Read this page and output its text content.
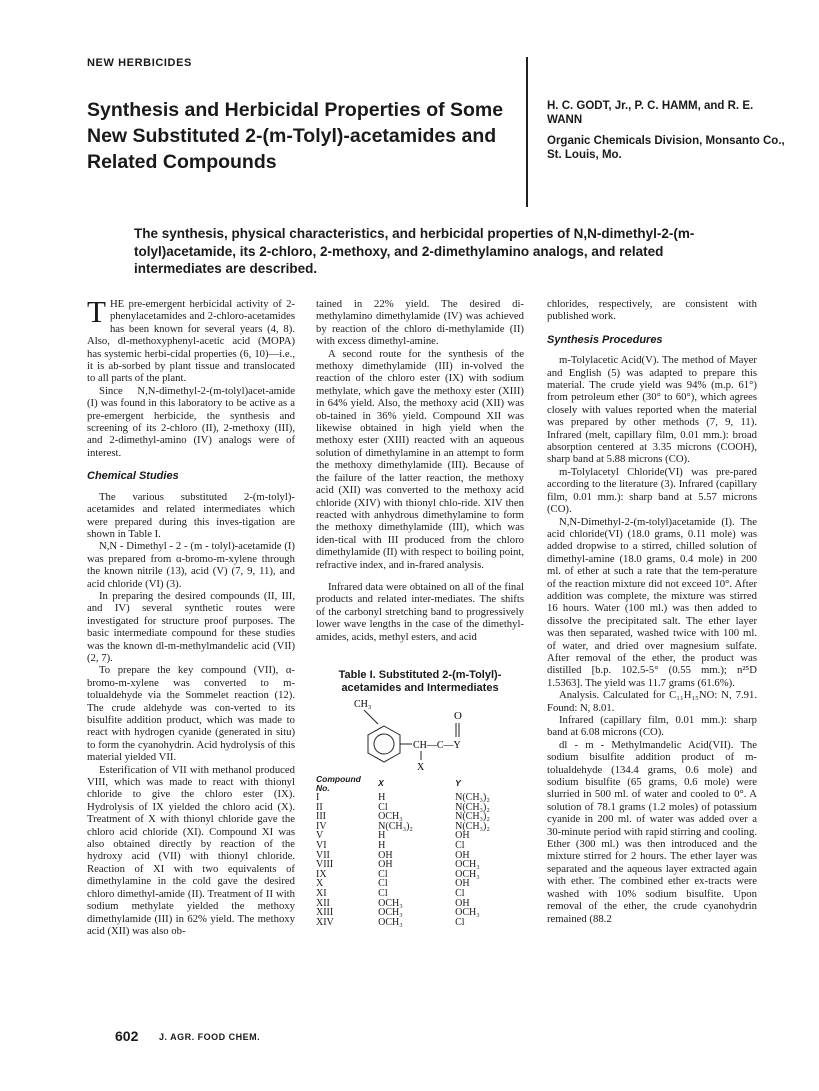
NEW HERBICIDES
Synthesis and Herbicidal Properties of Some New Substituted 2-(m-Tolyl)-acetamides and Related Compounds
H. C. GODT, Jr., P. C. HAMM, and R. E. WANN
Organic Chemicals Division, Monsanto Co., St. Louis, Mo.
The synthesis, physical characteristics, and herbicidal properties of N,N-dimethyl-2-(m-tolyl)acetamide, its 2-chloro, 2-methoxy, and 2-dimethylamino analogs, and related intermediates are described.

THE pre-emergent herbicidal activity of 2-phenylacetamides and 2-chloro-acetamides has been known for several years (4, 8). Also, dl-methoxyphenyl-acetic acid (MOPA) has systemic herbi-cidal properties (6, 10)—i.e., it is ab-sorbed by plant tissue and translocated to all parts of the plant.

Since N,N-dimethyl-2-(m-tolyl)acet-amide (I) was found in this laboratory to be active as a pre-emergent herbicide, the synthesis and screening of its 2-chloro (II), 2-methoxy (III), and 2-dimethyl-amino (IV) analogs were of interest.

Chemical Studies

The various substituted 2-(m-tolyl)-acetamides and related intermediates which were prepared during this inves-tigation are shown in Table I.

N,N - Dimethyl - 2 - (m - tolyl)-acetamide (I) was prepared from α-bromo-m-xylene through the known nitrile (13), acid (V) (7, 9, 11), and acid chloride (VI) (3).

In preparing the desired compounds (II, III, and IV) several synthetic routes were investigated for structure proof purposes. The basic intermediate compound for these studies was the known dl-m-methylmandelic acid (VII) (2, 7).

To prepare the key compound (VII), α-bromo-m-xylene was converted to m-tolualdehyde via the Sommelet reaction (12). The crude aldehyde was con-verted to its bisulfite addition product, which was made to react with hydrogen cyanide (generated in situ) to form the cyanohydrin. Acid hydrolysis of this material yielded VII.

Esterification of VII with methanol produced VIII, which was made to react with thionyl chloride to give the chloro ester (IX). Hydrolysis of IX yielded the chloro acid (X). Treatment of X with thionyl chloride gave the chloro acid chloride (XI). Compound XI was also obtained directly by reaction of the hydroxy acid (VII) with thionyl chloride. Reaction of XI with two equivalents of dimethylamine in the cold gave the desired chloro dimethyl-amide (II). Treatment of II with sodium methylate yielded the methoxy dimethylamide (III) in 62% yield. The methoxy acid (XII) was also ob-

tained in 22% yield. The desired di-methylamino dimethylamide (IV) was achieved by reaction of the chloro di-methylamide (II) with excess dimethyl-amine.

A second route for the synthesis of the methoxy dimethylamide (III) in-volved the reaction of the chloro ester (IX) with sodium methylate, which gave the methoxy ester (XIII) in 64% yield. Also, the methoxy acid (XII) was ob-tained in 36% yield. Compound XII was likewise obtained in high yield when the methoxy ester (XIII) reacted with an aqueous solution of dimethylamine in an attempt to form the methoxy dimethylamide (III). Because of the failure of the latter reaction, the methoxy acid (XII) was converted to the methoxy acid chloride (XIV) with thionyl chlo-ride. XIV then reacted with anhydrous dimethylamine to form the methoxy dimethylamide (III), which was iden-tical with III produced from the chloro dimethylamide (II) with respect to boiling point, refractive index, and in-frared analysis.

Infrared data were obtained on all of the final products and related inter-mediates. The shifts of the carbonyl stretching band to progressively lower wave lengths in the case of the dimethyl-amides, acids, methyl esters, and acid

Table I. Substituted 2-(m-Tolyl)-acetamides and Intermediates
CH₃
O
CH—C—Y
X
Compound No.	X	Y
I	H	N(CH₃)₂
II	Cl	N(CH₃)₂
III	OCH₃	N(CH₃)₂
IV	N(CH₃)₂	N(CH₃)₂
V	H	OH
VI	H	Cl
VII	OH	OH
VIII	OH	OCH₃
IX	Cl	OCH₃
X	Cl	OH
XI	Cl	Cl
XII	OCH₃	OH
XIII	OCH₃	OCH₃
XIV	OCH₃	Cl

chlorides, respectively, are consistent with published work.

Synthesis Procedures

m-Tolylacetic Acid(V). The method of Mayer and English (5) was adapted to prepare this material. The crude yield was 94% (m.p. 61°) from petroleum ether (30° to 60°), which agrees closely with values reported when the material was prepared by other methods (7, 9, 11). Infrared (melt, capillary film, 0.01 mm.): broad absorption centered at 3.35 microns (COOH), sharp band at 5.88 microns (CO).

m-Tolylacetyl Chloride(VI) was pre-pared according to the literature (3). Infrared (capillary film, 0.01 mm.): sharp band at 5.57 microns (CO).

N,N-Dimethyl-2-(m-tolyl)acetamide (I). The acid chloride(VI) (18.0 grams, 0.11 mole) was added dropwise to a stirred, chilled solution of dimethyl-amine (18.0 grams, 0.4 mole) in 200 ml. of ether at such a rate that the tem-perature of the reaction mixture did not exceed 10°. After addition was complete, the mixture was stirred 16 hours. Water (100 ml.) was then added to dissolve the precipitated salt. The ether layer was then separated, washed twice with 100 ml. of water, and dried over magnesium sulfate. After removal of the ether, the product was distilled [b.p. 102.5-5° (0.55 mm.); n²⁵D 1.5363]. The yield was 11.7 grams (61.6%).

Analysis. Calculated for C₁₁H₁₅NO: N, 7.91. Found: N, 8.01.

Infrared (capillary film, 0.01 mm.): sharp band at 6.08 microns (CO).

dl - m - Methylmandelic Acid(VII). The sodium bisulfite addition product of m-tolualdehyde (134.4 grams, 0.6 mole) and sodium bisulfite (65 grams, 0.6 mole) were slurried in 500 ml. of water and cooled to 0°. A solution of 78.1 grams (1.2 moles) of potassium cyanide in 200 ml. of water was added over a 30-minute period with rapid stirring and cooling. Ether (300 ml.) was then introduced and the mixture stirred for 2 hours. The ether layer was separated and the aqueous layer extracted again with ether. The combined ether ex-tracts were washed with 10% sodium bisulfite. Upon removal of the ether, the crude cyanohydrin remained (88.2

602 J. AGR. FOOD CHEM.
